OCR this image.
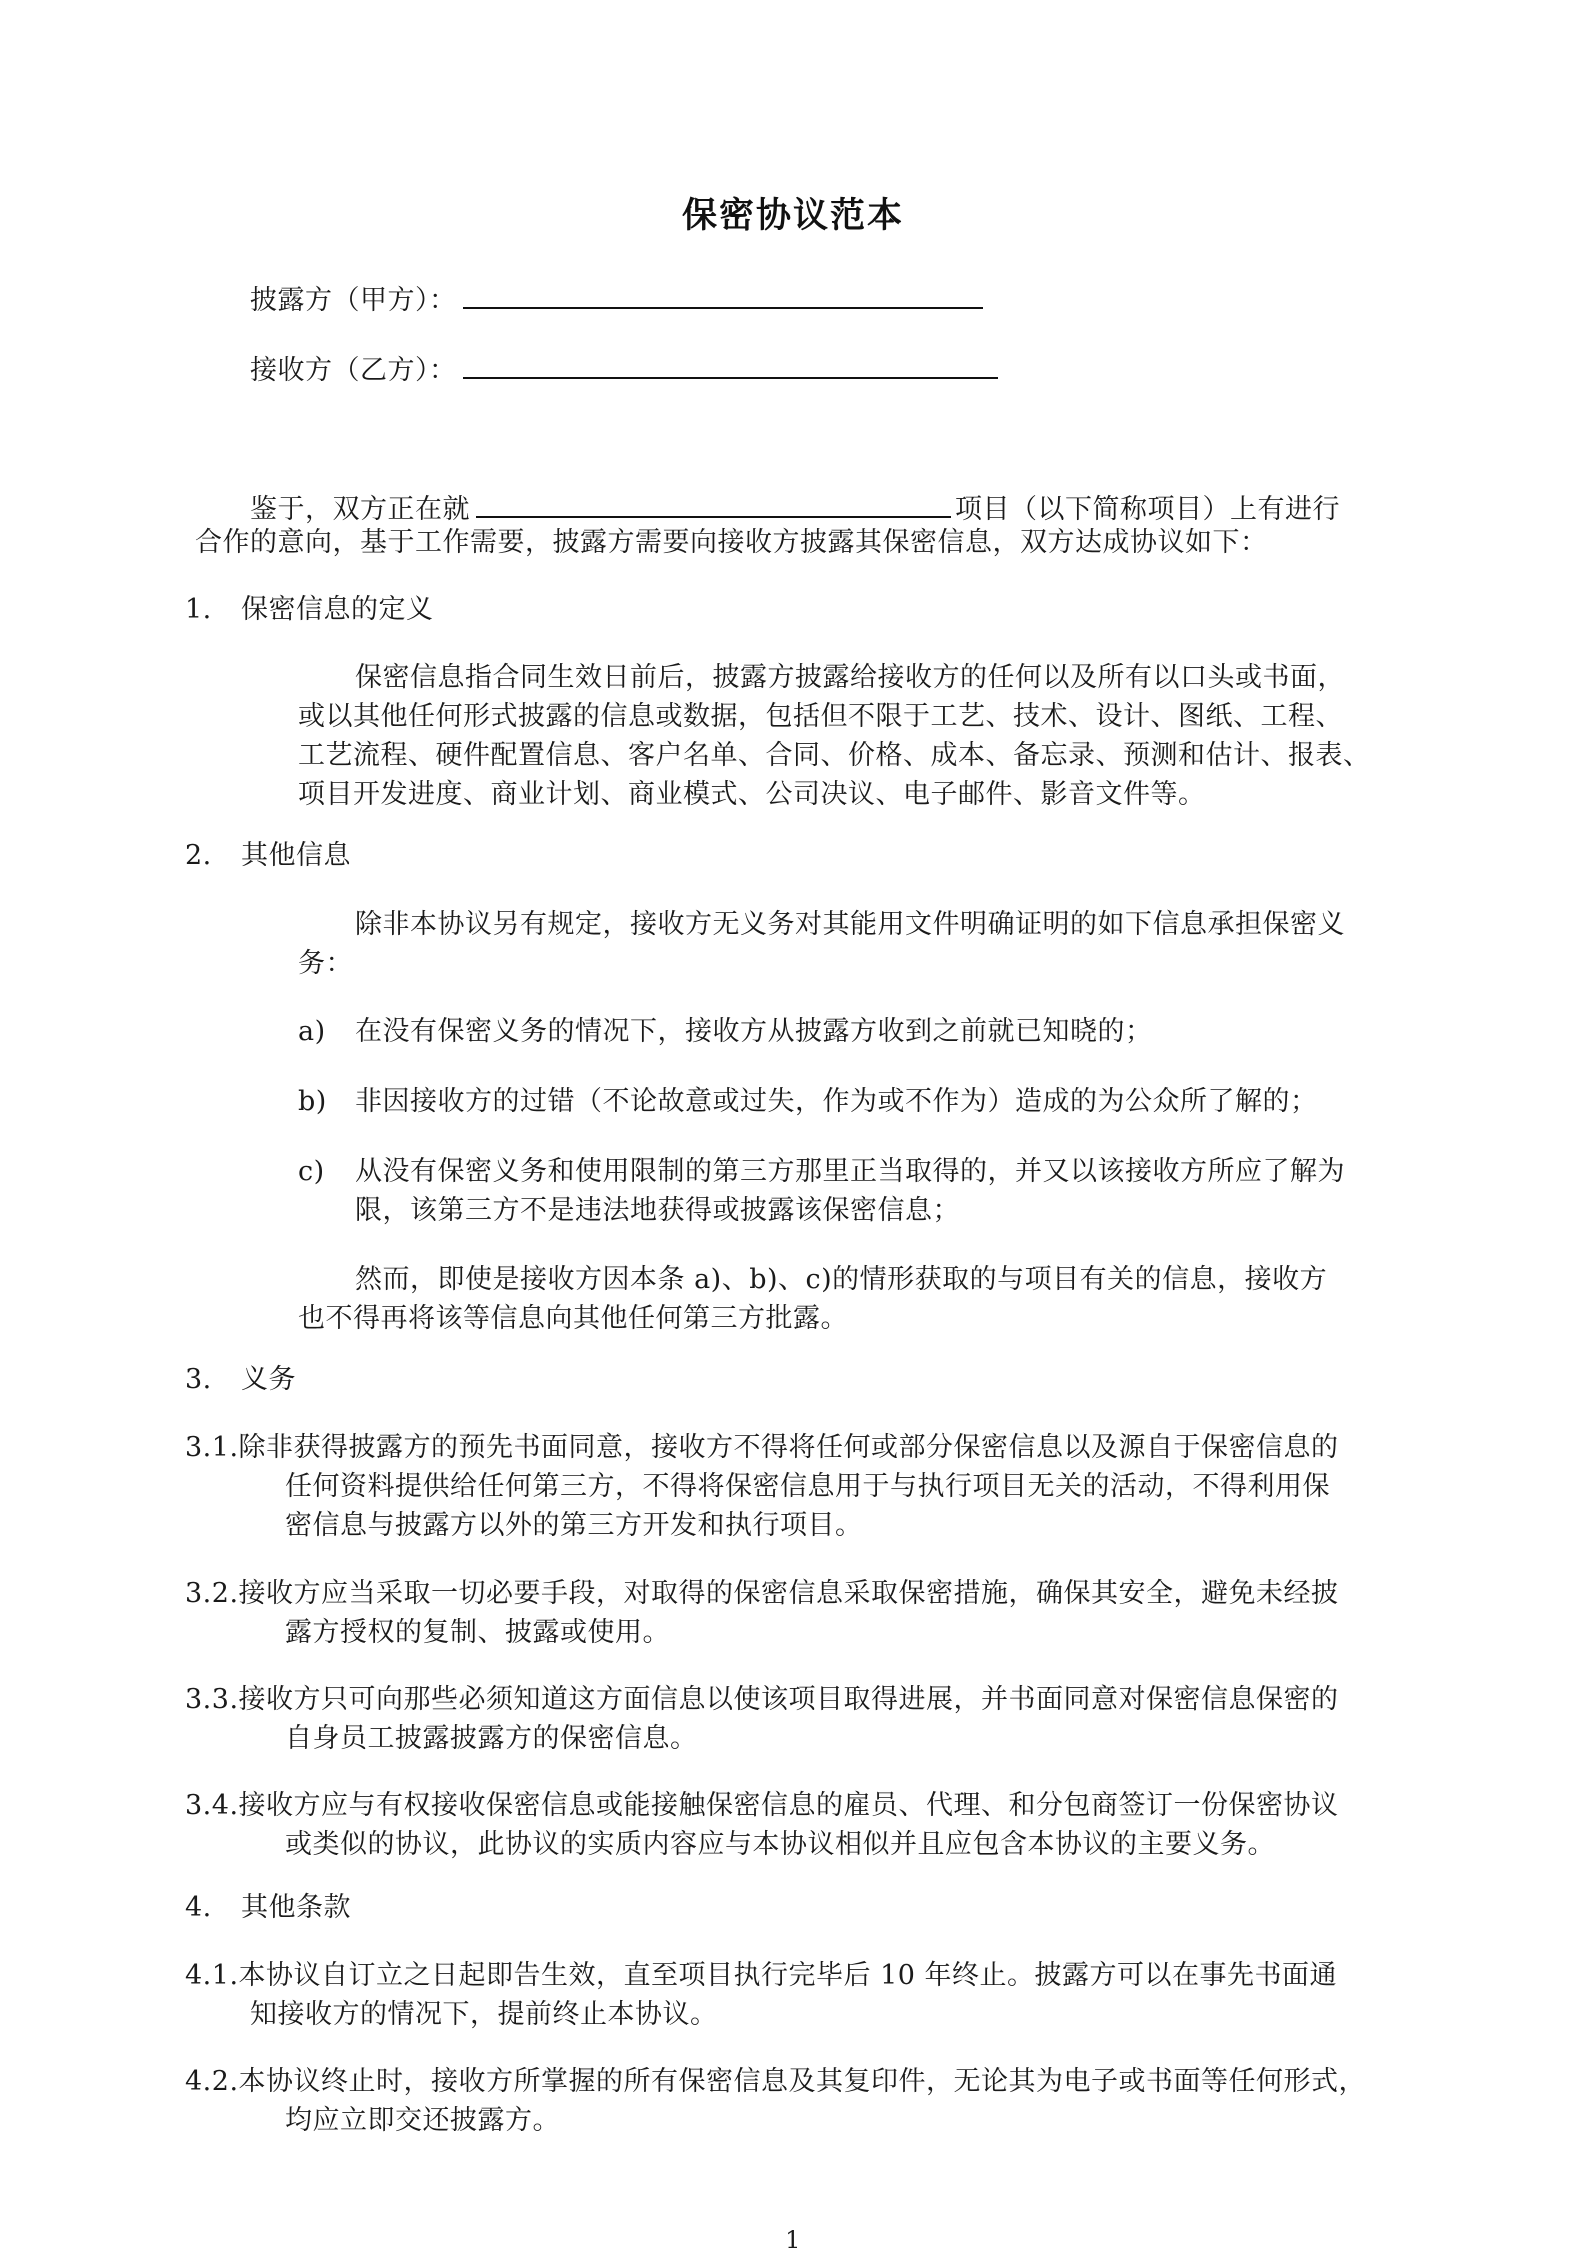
保密协议范本
披露方（甲方）：
接收方（乙方）：
鉴于，双方正在就	项目（以下简称项目）上有进行
合作的意向，基于工作需要，披露方需要向接收方披露其保密信息，双方达成协议如下：
1. 保密信息的定义
保密信息指合同生效日前后，披露方披露给接收方的任何以及所有以口头或书面，
或以其他任何形式披露的信息或数据，包括但不限于工艺、技术、设计、图纸、工程、
工艺流程、硬件配置信息、客户名单、合同、价格、成本、备忘录、预测和估计、报表、
项目开发进度、商业计划、商业模式、公司决议、电子邮件、影音文件等。
2. 其他信息
除非本协议另有规定，接收方无义务对其能用文件明确证明的如下信息承担保密义
务：
a) 在没有保密义务的情况下，接收方从披露方收到之前就已知晓的；
b) 非因接收方的过错（不论故意或过失，作为或不作为）造成的为公众所了解的；
c) 从没有保密义务和使用限制的第三方那里正当取得的，并又以该接收方所应了解为
限，该第三方不是违法地获得或披露该保密信息；
然而，即使是接收方因本条 a)、b)、c)的情形获取的与项目有关的信息，接收方
也不得再将该等信息向其他任何第三方批露。
3. 义务
3.1.除非获得披露方的预先书面同意，接收方不得将任何或部分保密信息以及源自于保密信息的
任何资料提供给任何第三方，不得将保密信息用于与执行项目无关的活动，不得利用保
密信息与披露方以外的第三方开发和执行项目。
3.2.接收方应当采取一切必要手段，对取得的保密信息采取保密措施，确保其安全，避免未经披
露方授权的复制、披露或使用。
3.3.接收方只可向那些必须知道这方面信息以使该项目取得进展，并书面同意对保密信息保密的
自身员工披露披露方的保密信息。
3.4.接收方应与有权接收保密信息或能接触保密信息的雇员、代理、和分包商签订一份保密协议
或类似的协议，此协议的实质内容应与本协议相似并且应包含本协议的主要义务。
4. 其他条款
4.1.本协议自订立之日起即告生效，直至项目执行完毕后 10 年终止。披露方可以在事先书面通
知接收方的情况下，提前终止本协议。
4.2.本协议终止时，接收方所掌握的所有保密信息及其复印件，无论其为电子或书面等任何形式，
均应立即交还披露方。
1
